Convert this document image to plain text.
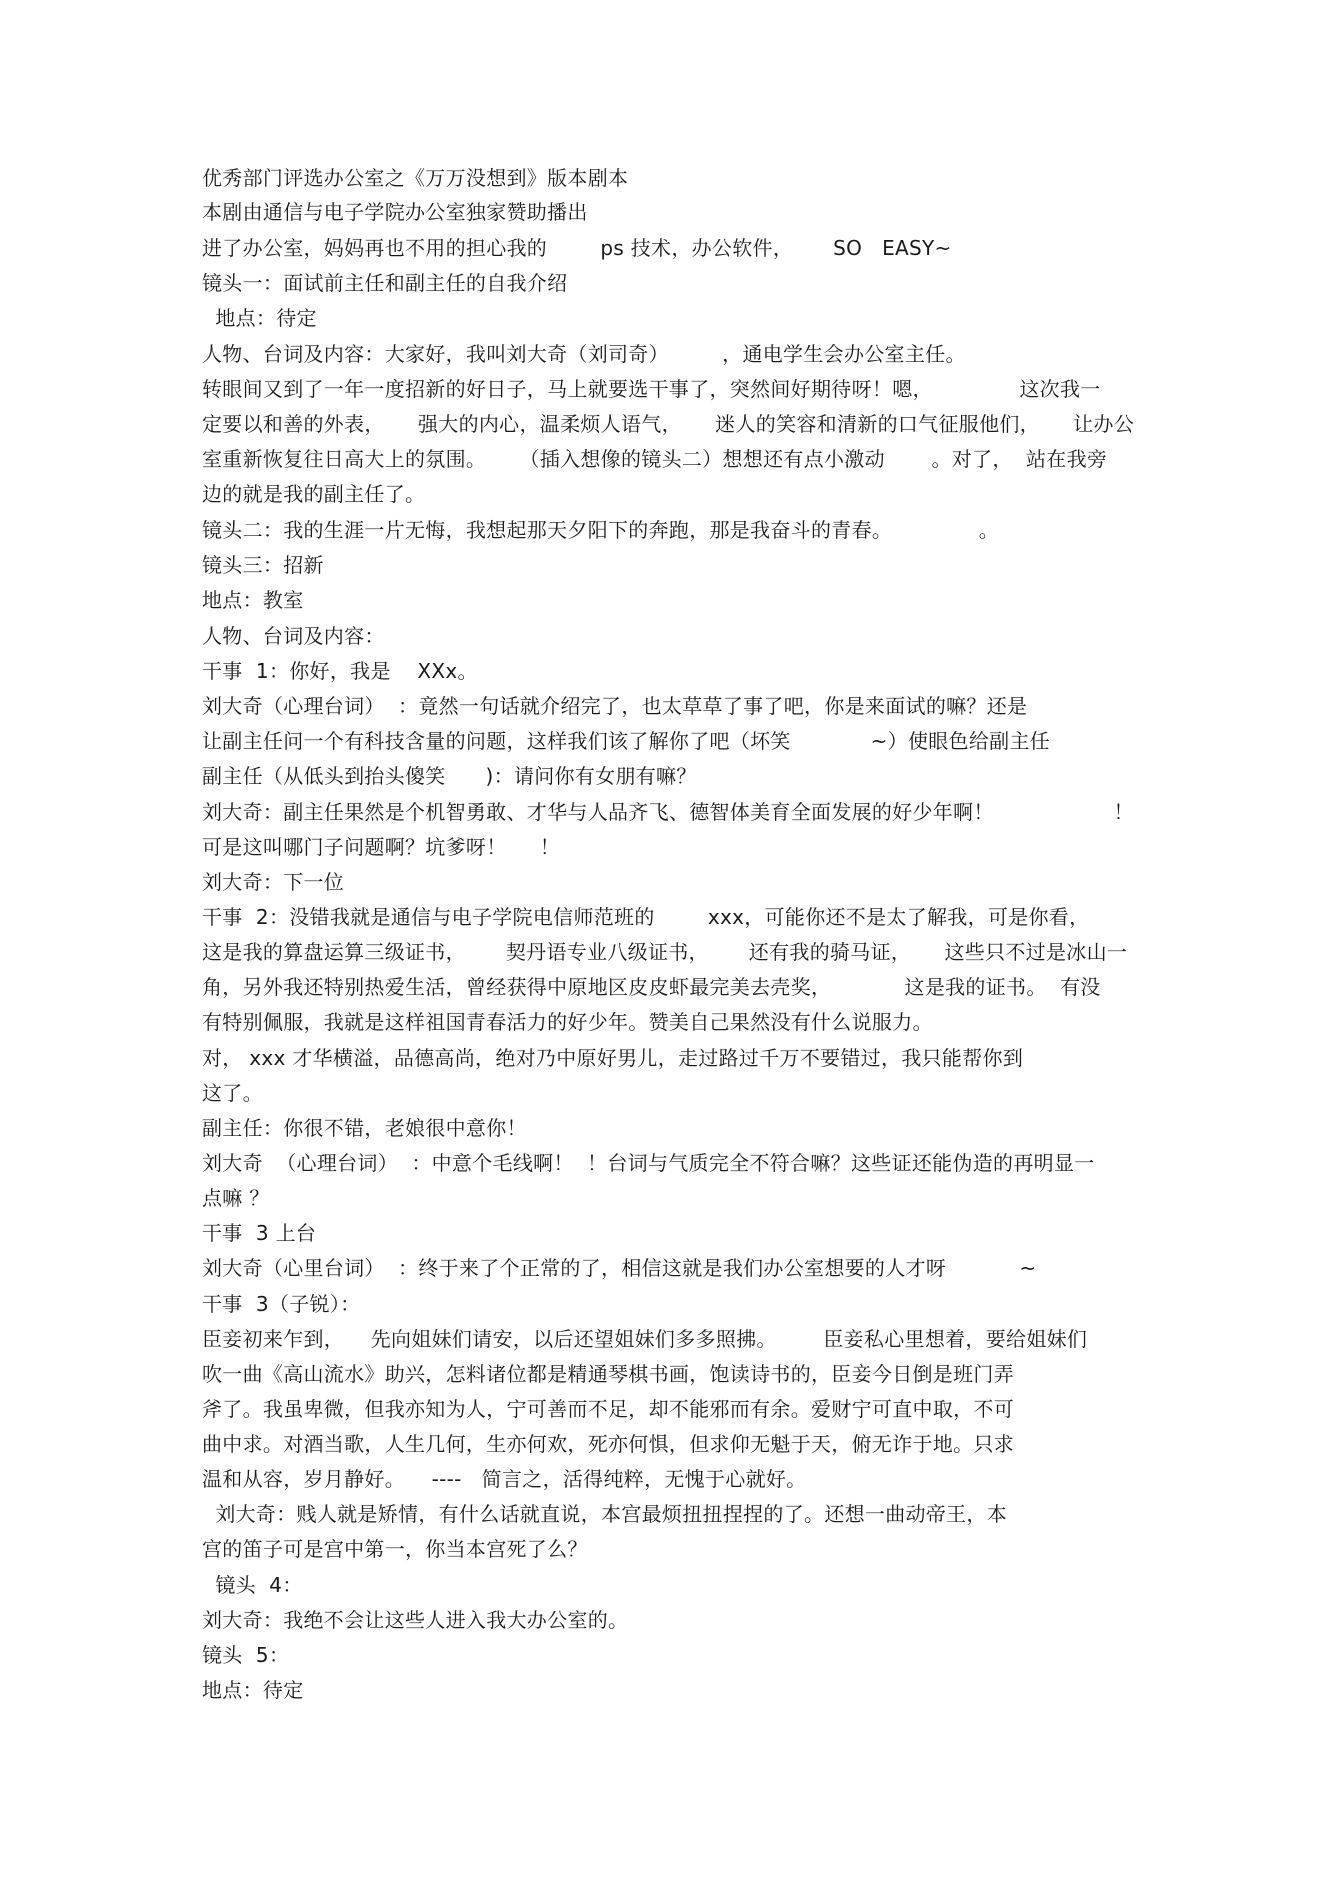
优秀部门评选办公室之《万万没想到》版本剧本
本剧由通信与电子学院办公室独家赞助播出
进了办公室，妈妈再也不用的担心我的        ps 技术，办公软件，      SO   EASY~
镜头一：面试前主任和副主任的自我介绍
地点：待定
人物、台词及内容：大家好，我叫刘大奇（刘司奇）        ，通电学生会办公室主任。
转眼间又到了一年一度招新的好日子，马上就要选干事了，突然间好期待呀！嗯，             这次我一
定要以和善的外表，     强大的内心，温柔烦人语气，     迷人的笑容和清新的口气征服他们，     让办公
室重新恢复往日高大上的氛围。     （插入想像的镜头二）想想还有点小激动       。对了，  站在我旁
边的就是我的副主任了。
镜头二：我的生涯一片无悔，我想起那天夕阳下的奔跑，那是我奋斗的青春。             。
镜头三：招新
地点：教室
人物、台词及内容：
干事  1：你好，我是    XXx。
刘大奇（心理台词）  ：竟然一句话就介绍完了，也太草草了事了吧，你是来面试的嘛？还是
让副主任问一个有科技含量的问题，这样我们该了解你了吧（坏笑            ~）使眼色给副主任
副主任（从低头到抬头傻笑      )：请问你有女朋有嘛？
刘大奇：副主任果然是个机智勇敢、才华与人品齐飞、德智体美育全面发展的好少年啊！                  ！
可是这叫哪门子问题啊？坑爹呀！     ！
刘大奇：下一位
干事  2：没错我就是通信与电子学院电信师范班的        xxx，可能你还不是太了解我，可是你看，
这是我的算盘运算三级证书，      契丹语专业八级证书，      还有我的骑马证，     这些只不过是冰山一
角，另外我还特别热爱生活，曾经获得中原地区皮皮虾最完美去壳奖，           这是我的证书。  有没
有特别佩服，我就是这样祖国青春活力的好少年。赞美自己果然没有什么说服力。
对， xxx 才华横溢，品德高尚，绝对乃中原好男儿，走过路过千万不要错过，我只能帮你到
这了。
副主任：你很不错，老娘很中意你！
刘大奇  （心理台词）  ：中意个毛线啊！  ！台词与气质完全不符合嘛？这些证还能伪造的再明显一
点嘛 ？
干事  3 上台
刘大奇（心里台词）  ：终于来了个正常的了，相信这就是我们办公室想要的人才呀           ~
干事  3（子锐）：
臣妾初来乍到，    先向姐妹们请安，以后还望姐妹们多多照拂。       臣妾私心里想着，要给姐妹们
吹一曲《高山流水》助兴，怎料诸位都是精通琴棋书画，饱读诗书的，臣妾今日倒是班门弄
斧了。我虽卑微，但我亦知为人，宁可善而不足，却不能邪而有余。爱财宁可直中取，不可
曲中求。对酒当歌，人生几何，生亦何欢，死亦何惧，但求仰无魁于天，俯无诈于地。只求
温和从容，岁月静好。    ----   简言之，活得纯粹，无愧于心就好。
刘大奇：贱人就是矫情，有什么话就直说，本宫最烦扭扭捏捏的了。还想一曲动帝王，本
宫的笛子可是宫中第一，你当本宫死了么？
镜头  4：
刘大奇：我绝不会让这些人进入我大办公室的。
镜头  5：
地点：待定
